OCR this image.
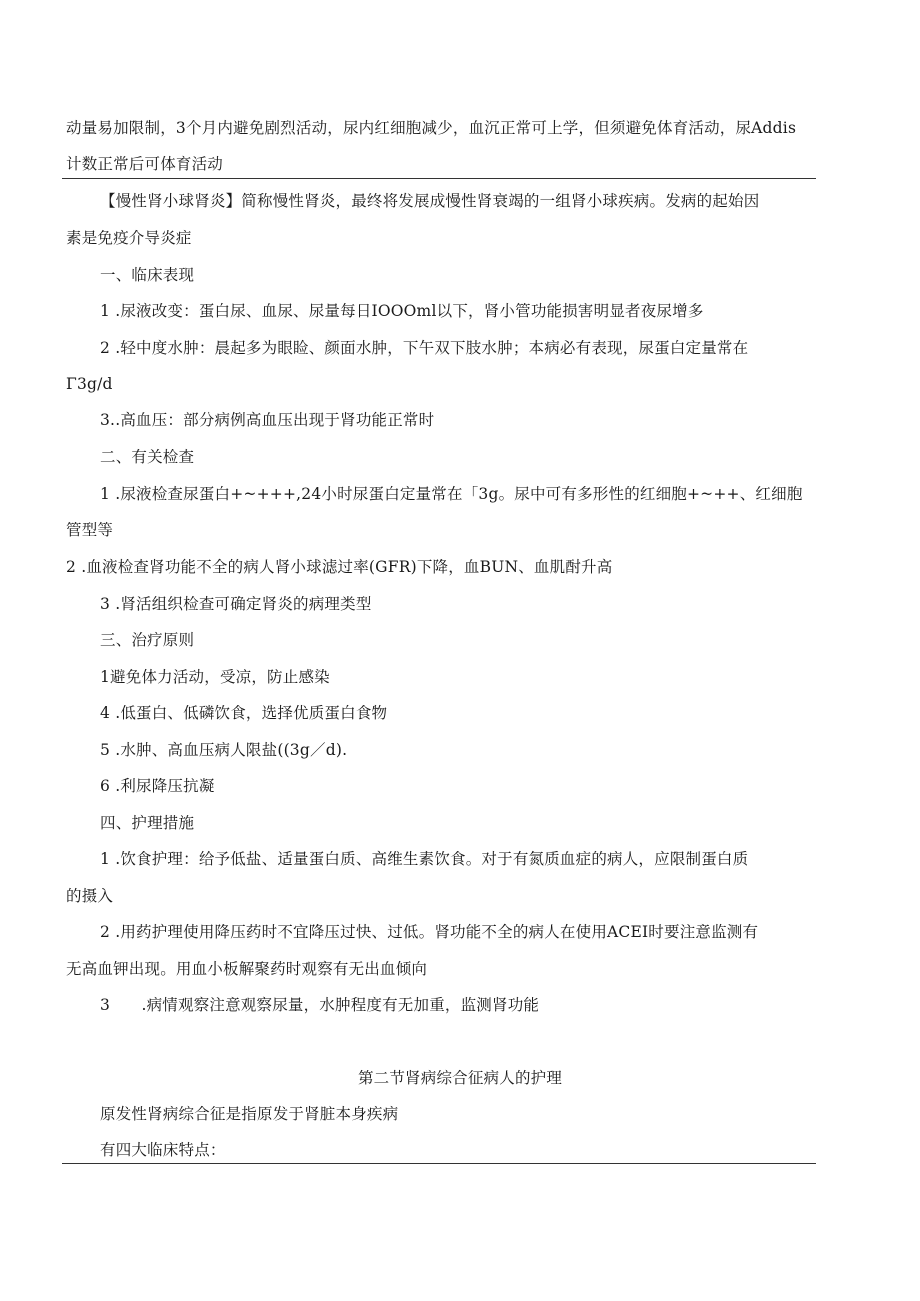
动量易加限制，3个月内避免剧烈活动，尿内红细胞减少，血沉正常可上学，但须避免体育活动，尿Addis
计数正常后可体育活动
【慢性肾小球肾炎】简称慢性肾炎，最终将发展成慢性肾衰竭的一组肾小球疾病。发病的起始因
素是免疫介导炎症
一、临床表现
1 .尿液改变：蛋白尿、血尿、尿量每日IOOOml以下，肾小管功能损害明显者夜尿增多
2 .轻中度水肿：晨起多为眼睑、颜面水肿，下午双下肢水肿；本病必有表现，尿蛋白定量常在
Γ3g/d
3..高血压：部分病例高血压出现于肾功能正常时
二、有关检查
1 .尿液检查尿蛋白+~+++,24小时尿蛋白定量常在「3g。尿中可有多形性的红细胞+~++、红细胞
管型等
2 .血液检查肾功能不全的病人肾小球滤过率(GFR)下降，血BUN、血肌酎升高
3 .肾活组织检查可确定肾炎的病理类型
三、治疗原则
1避免体力活动，受凉，防止感染
4 .低蛋白、低磷饮食，选择优质蛋白食物
5 .水肿、高血压病人限盐((3g／d).
6 .利尿降压抗凝
四、护理措施
1 .饮食护理：给予低盐、适量蛋白质、高维生素饮食。对于有氮质血症的病人，应限制蛋白质
的摄入
2 .用药护理使用降压药时不宜降压过快、过低。肾功能不全的病人在使用ACEI时要注意监测有
无高血钾出现。用血小板解聚药时观察有无出血倾向
3　　.病情观察注意观察尿量，水肿程度有无加重，监测肾功能
第二节肾病综合征病人的护理
原发性肾病综合征是指原发于肾脏本身疾病
有四大临床特点：
